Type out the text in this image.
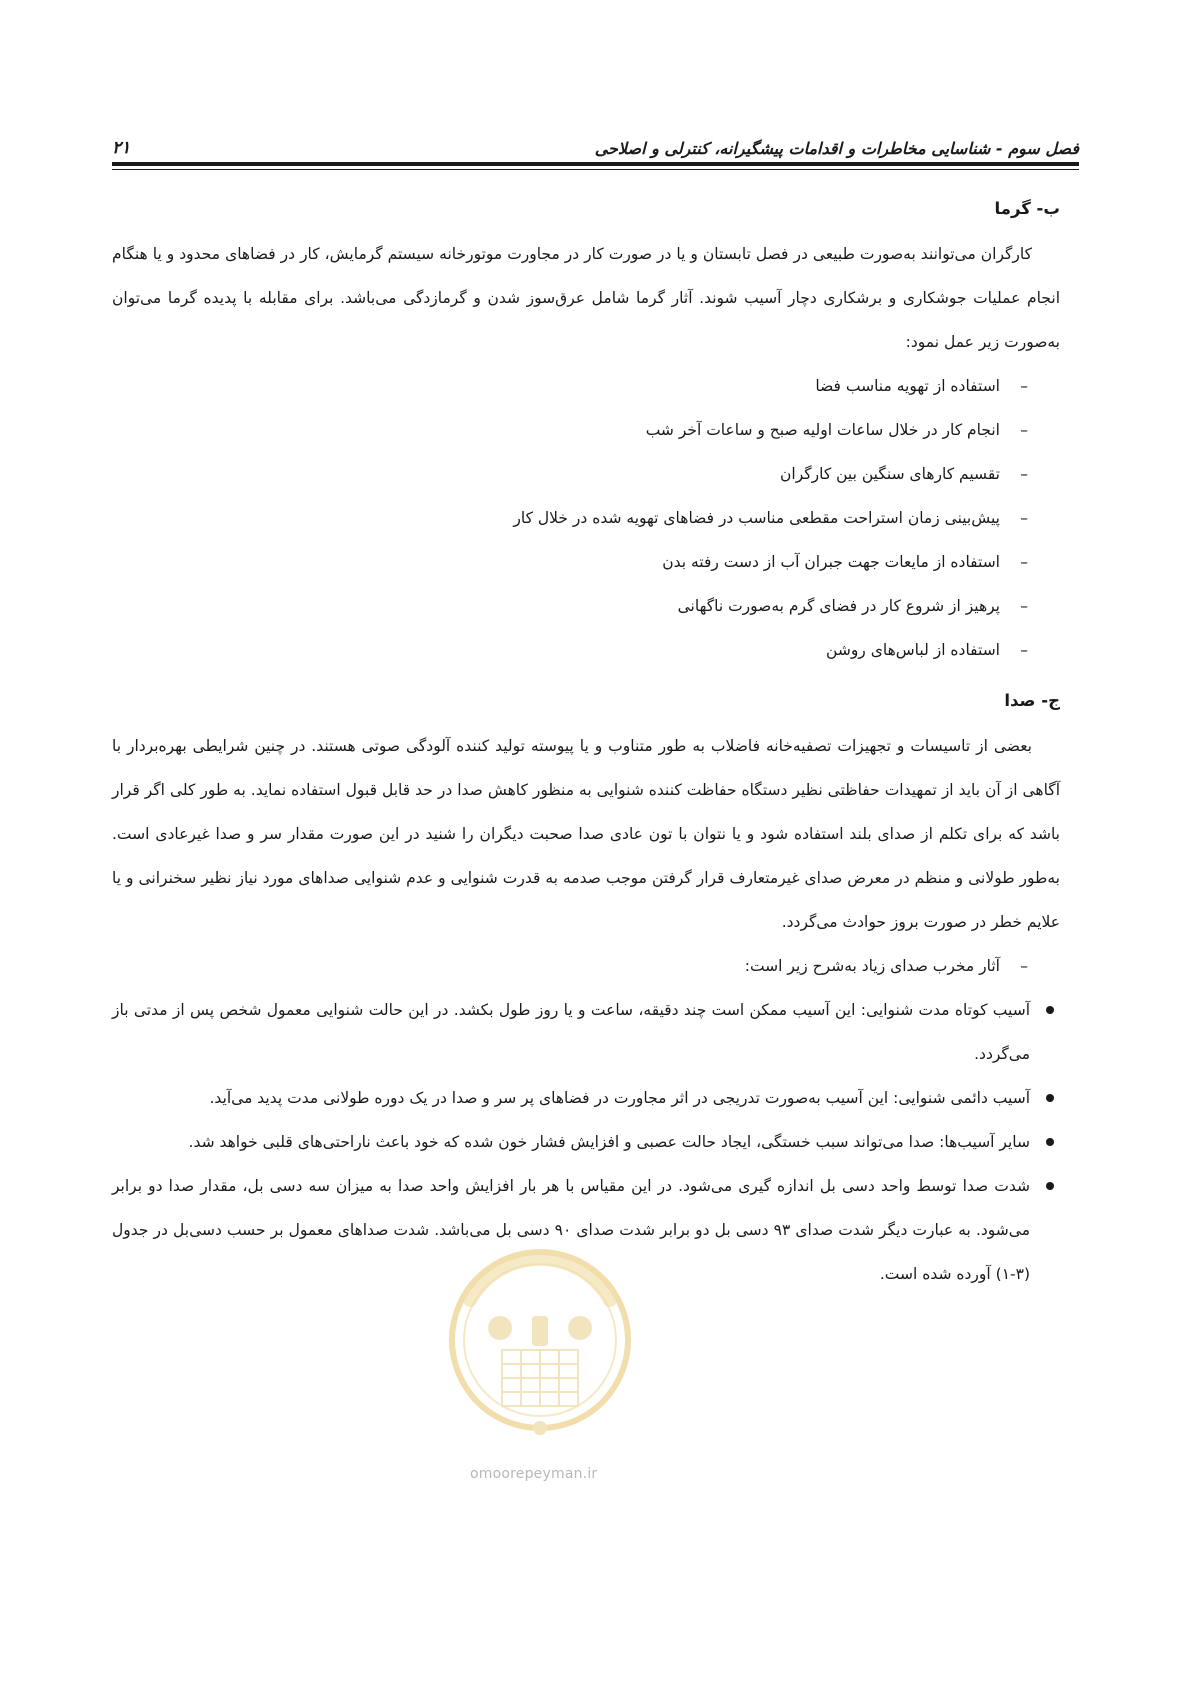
فصل سوم - شناسایی مخاطرات و اقدامات پیشگیرانه، کنترلی و اصلاحی
۲۱
ب- گرما

کارگران می‌توانند به‌صورت طبیعی در فصل تابستان و یا در صورت کار در مجاورت موتورخانه سیستم گرمایش، کار در فضاهای محدود و یا هنگام انجام عملیات جوشکاری و برشکاری دچار آسیب شوند. آثار گرما شامل عرق‌سوز شدن و گرمازدگی می‌باشد. برای مقابله با پدیده گرما می‌توان به‌صورت زیر عمل نمود:

–
استفاده از تهویه مناسب فضا
–
انجام کار در خلال ساعات اولیه صبح و ساعات آخر شب
–
تقسیم کارهای سنگین بین کارگران
–
پیش‌بینی زمان استراحت مقطعی مناسب در فضاهای تهویه شده در خلال کار
–
استفاده از مایعات جهت جبران آب از دست رفته بدن
–
پرهیز از شروع کار در فضای گرم به‌صورت ناگهانی
–
استفاده از لباس‌های روشن
ج- صدا

بعضی از تاسیسات و تجهیزات تصفیه‌خانه فاضلاب به طور متناوب و یا پیوسته تولید کننده آلودگی صوتی هستند. در چنین شرایطی بهره‌بردار با آگاهی از آن باید از تمهیدات حفاظتی نظیر دستگاه حفاظت کننده شنوایی به منظور کاهش صدا در حد قابل قبول استفاده نماید. به طور کلی اگر قرار باشد که برای تکلم از صدای بلند استفاده شود و یا نتوان با تون عادی صدا صحبت دیگران را شنید در این صورت مقدار سر و صدا غیرعادی است. به‌طور طولانی و منظم در معرض صدای غیرمتعارف قرار گرفتن موجب صدمه به قدرت شنوایی و عدم شنوایی صداهای مورد نیاز نظیر سخنرانی و یا علایم خطر در صورت بروز حوادث می‌گردد.

–
آثار مخرب صدای زیاد به‌شرح زیر است:
آسیب کوتاه مدت شنوایی: این آسیب ممکن است چند دقیقه، ساعت و یا روز طول بکشد. در این حالت شنوایی معمول شخص پس از مدتی باز می‌گردد.
آسیب دائمی شنوایی: این آسیب به‌صورت تدریجی در اثر مجاورت در فضاهای پر سر و صدا در یک دوره طولانی مدت پدید می‌آید.
سایر آسیب‌ها: صدا می‌تواند سبب خستگی، ایجاد حالت عصبی و افزایش فشار خون شده که خود باعث ناراحتی‌های قلبی خواهد شد.
شدت صدا توسط واحد دسی بل اندازه گیری می‌شود. در این مقیاس با هر بار افزایش واحد صدا به میزان سه دسی بل، مقدار صدا دو برابر می‌شود. به عبارت دیگر شدت صدای ۹۳ دسی بل دو برابر شدت صدای ۹۰ دسی بل می‌باشد. شدت صداهای معمول بر حسب دسی‌بل در جدول (۳-۱) آورده شده است.
omoorepeyman.ir
